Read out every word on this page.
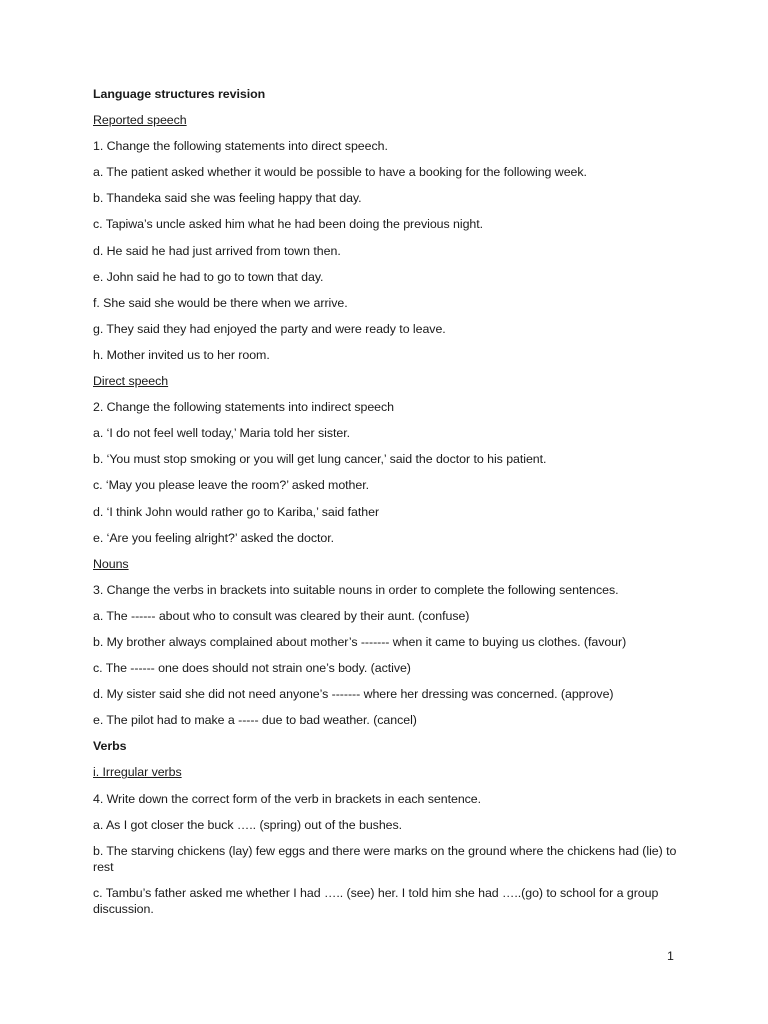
Language structures revision

Reported speech

1. Change the following statements into direct speech.

a. The patient asked whether it would be possible to have a booking for the following week.

b. Thandeka said she was feeling happy that day.

c. Tapiwa’s uncle asked him what he had been doing the previous night.

d. He said he had just arrived from town then.

e. John said he had to go to town that day.

f. She said she would be there when we arrive.

g. They said they had enjoyed the party and were ready to leave.

h. Mother invited us to her room.

Direct speech

2. Change the following statements into indirect speech

a. ‘I do not feel well today,’ Maria told her sister.

b. ‘You must stop smoking or you will get lung cancer,’ said the doctor to his patient.

c. ‘May you please leave the room?’ asked mother.

d. ‘I think John would rather go to Kariba,’ said father

e. ‘Are you feeling alright?’ asked the doctor.

Nouns

3. Change the verbs in brackets into suitable nouns in order to complete the following sentences.

a. The ------ about who to consult was cleared by their aunt. (confuse)

b. My brother always complained about mother’s ------- when it came to buying us clothes. (favour)

c. The ------ one does should not strain one’s body. (active)

d. My sister said she did not need anyone’s ------- where her dressing was concerned. (approve)

e. The pilot had to make a ----- due to bad weather. (cancel)

Verbs

i. Irregular verbs

4. Write down the correct form of the verb in brackets in each sentence.

a. As I got closer the buck ….. (spring) out of the bushes.

b. The starving chickens (lay) few eggs and there were marks on the ground where the chickens had (lie) to rest

c. Tambu’s father asked me whether I had ….. (see) her. I told him she had …..(go) to school for a group discussion.

1
